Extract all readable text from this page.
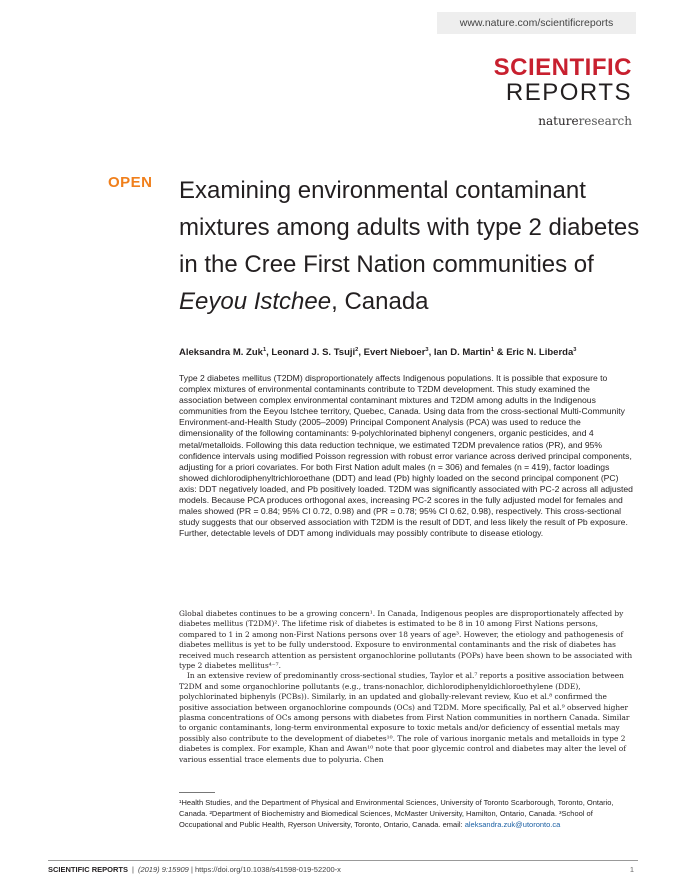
www.nature.com/scientificreports
SCIENTIFIC
REPORTS
natureresearch
OPEN Examining environmental contaminant mixtures among adults with type 2 diabetes in the Cree First Nation communities of Eeyou Istchee, Canada
Aleksandra M. Zuk$^1$, Leonard J. S. Tsuji$^2$, Evert Nieboer$^3$, Ian D. Martin$^1$ & Eric N. Liberda$^3$
Type 2 diabetes mellitus (T2DM) disproportionately affects Indigenous populations. It is possible that exposure to complex mixtures of environmental contaminants contribute to T2DM development. This study examined the association between complex environmental contaminant mixtures and T2DM among adults in the Indigenous communities from the Eeyou Istchee territory, Quebec, Canada. Using data from the cross-sectional Multi-Community Environment-and-Health Study (2005–2009) Principal Component Analysis (PCA) was used to reduce the dimensionality of the following contaminants: 9-polychlorinated biphenyl congeners, organic pesticides, and 4 metal/metalloids. Following this data reduction technique, we estimated T2DM prevalence ratios (PR), and 95% confidence intervals using modified Poisson regression with robust error variance across derived principal components, adjusting for a priori covariates. For both First Nation adult males (n = 306) and females (n = 419), factor loadings showed dichlorodiphenyltrichloroethane (DDT) and lead (Pb) highly loaded on the second principal component (PC) axis: DDT negatively loaded, and Pb positively loaded. T2DM was significantly associated with PC-2 across all adjusted models. Because PCA produces orthogonal axes, increasing PC-2 scores in the fully adjusted model for females and males showed (PR = 0.84; 95% CI 0.72, 0.98) and (PR = 0.78; 95% CI 0.62, 0.98), respectively. This cross-sectional study suggests that our observed association with T2DM is the result of DDT, and less likely the result of Pb exposure. Further, detectable levels of DDT among individuals may possibly contribute to disease etiology.

Global diabetes continues to be a growing concern¹. In Canada, Indigenous peoples are disproportionately affected by diabetes mellitus (T2DM)². The lifetime risk of diabetes is estimated to be 8 in 10 among First Nations persons, compared to 1 in 2 among non-First Nations persons over 18 years of age³. However, the etiology and pathogenesis of diabetes mellitus is yet to be fully understood. Exposure to environmental contaminants and the risk of diabetes has received much research attention as persistent organochlorine pollutants (POPs) have been shown to be associated with type 2 diabetes mellitus⁴⁻⁷.

In an extensive review of predominantly cross-sectional studies, Taylor et al.⁷ reports a positive association between T2DM and some organochlorine pollutants (e.g., trans-nonachlor, dichlorodiphenyldichloroethylene (DDE), polychlorinated biphenyls (PCBs)). Similarly, in an updated and globally-relevant review, Kuo et al.⁸ confirmed the positive association between organochlorine compounds (OCs) and T2DM. More specifically, Pal et al.⁹ observed higher plasma concentrations of OCs among persons with diabetes from First Nation communities in northern Canada. Similar to organic contaminants, long-term environmental exposure to toxic metals and/or deficiency of essential metals may possibly also contribute to the development of diabetes¹⁰. The role of various inorganic metals and metalloids in type 2 diabetes is complex. For example, Khan and Awan¹⁰ note that poor glycemic control and diabetes may alter the level of various essential trace elements due to polyuria. Chen

¹Health Studies, and the Department of Physical and Environmental Sciences, University of Toronto Scarborough, Toronto, Ontario, Canada. ²Department of Biochemistry and Biomedical Sciences, McMaster University, Hamilton, Ontario, Canada. ³School of Occupational and Public Health, Ryerson University, Toronto, Ontario, Canada. email: aleksandra.zuk@utoronto.ca
SCIENTIFIC REPORTS | (2019) 9:15909 | https://doi.org/10.1038/s41598-019-52200-x	1
